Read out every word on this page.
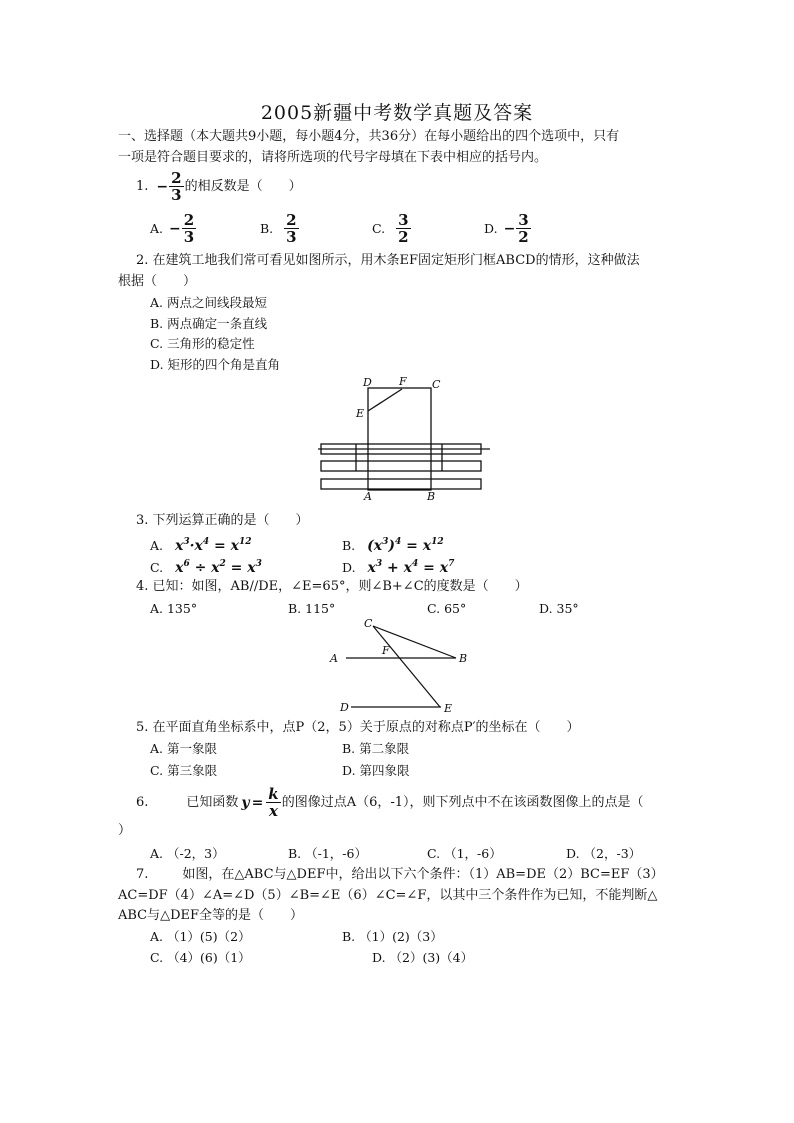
2005新疆中考数学真题及答案
一、选择题（本大题共9小题，每小题4分，共36分）在每小题给出的四个选项中，只有
一项是符合题目要求的，请将所选项的代号字母填在下表中相应的括号内。
1. − $\frac{2}{3}$ 的相反数是（　　）
A. − $\frac{2}{3}$	B. $\frac{2}{3}$	C. $\frac{3}{2}$	D. − $\frac{3}{2}$
2. 在建筑工地我们常可看见如图所示，用木条EF固定矩形门框ABCD的情形，这种做法
根据（　　）
A. 两点之间线段最短
B. 两点确定一条直线
C. 三角形的稳定性
D. 矩形的四个角是直角
D F C
E
A	B
3. 下列运算正确的是（　　）
A. $x^3\cdot x^4 = x^{12}$	B. $(x^3)^4 = x^{12}$
C. $x^6 \div x^2 = x^3$	D. $x^3 + x^4 = x^7$
4. 已知：如图，AB//DE，∠E=65°，则∠B+∠C的度数是（　　）
A. 135°	B. 115°	C. 65°	D. 35°
C
A
F
B
D	E
5. 在平面直角坐标系中，点P（2，5）关于原点的对称点P′的坐标在（　　）
A. 第一象限	B. 第二象限
C. 第三象限	D. 第四象限
6.	已知函数 $y = \frac{k}{x}$ 的图像过点A（6，-1），则下列点中不在该函数图像上的点是（
）
A. （-2，3）	B. （-1，-6）	C. （1，-6）	D. （2，-3）
7.	如图，在△ABC与△DEF中，给出以下六个条件：（1）AB=DE（2）BC=EF（3）
AC=DF（4）∠A=∠D（5）∠B=∠E（6）∠C=∠F，以其中三个条件作为已知，不能判断△
ABC与△DEF全等的是（　　）
A. （1）(5)（2）	B. （1）(2)（3）
C. （4）(6)（1）	D. （2）(3)（4）
